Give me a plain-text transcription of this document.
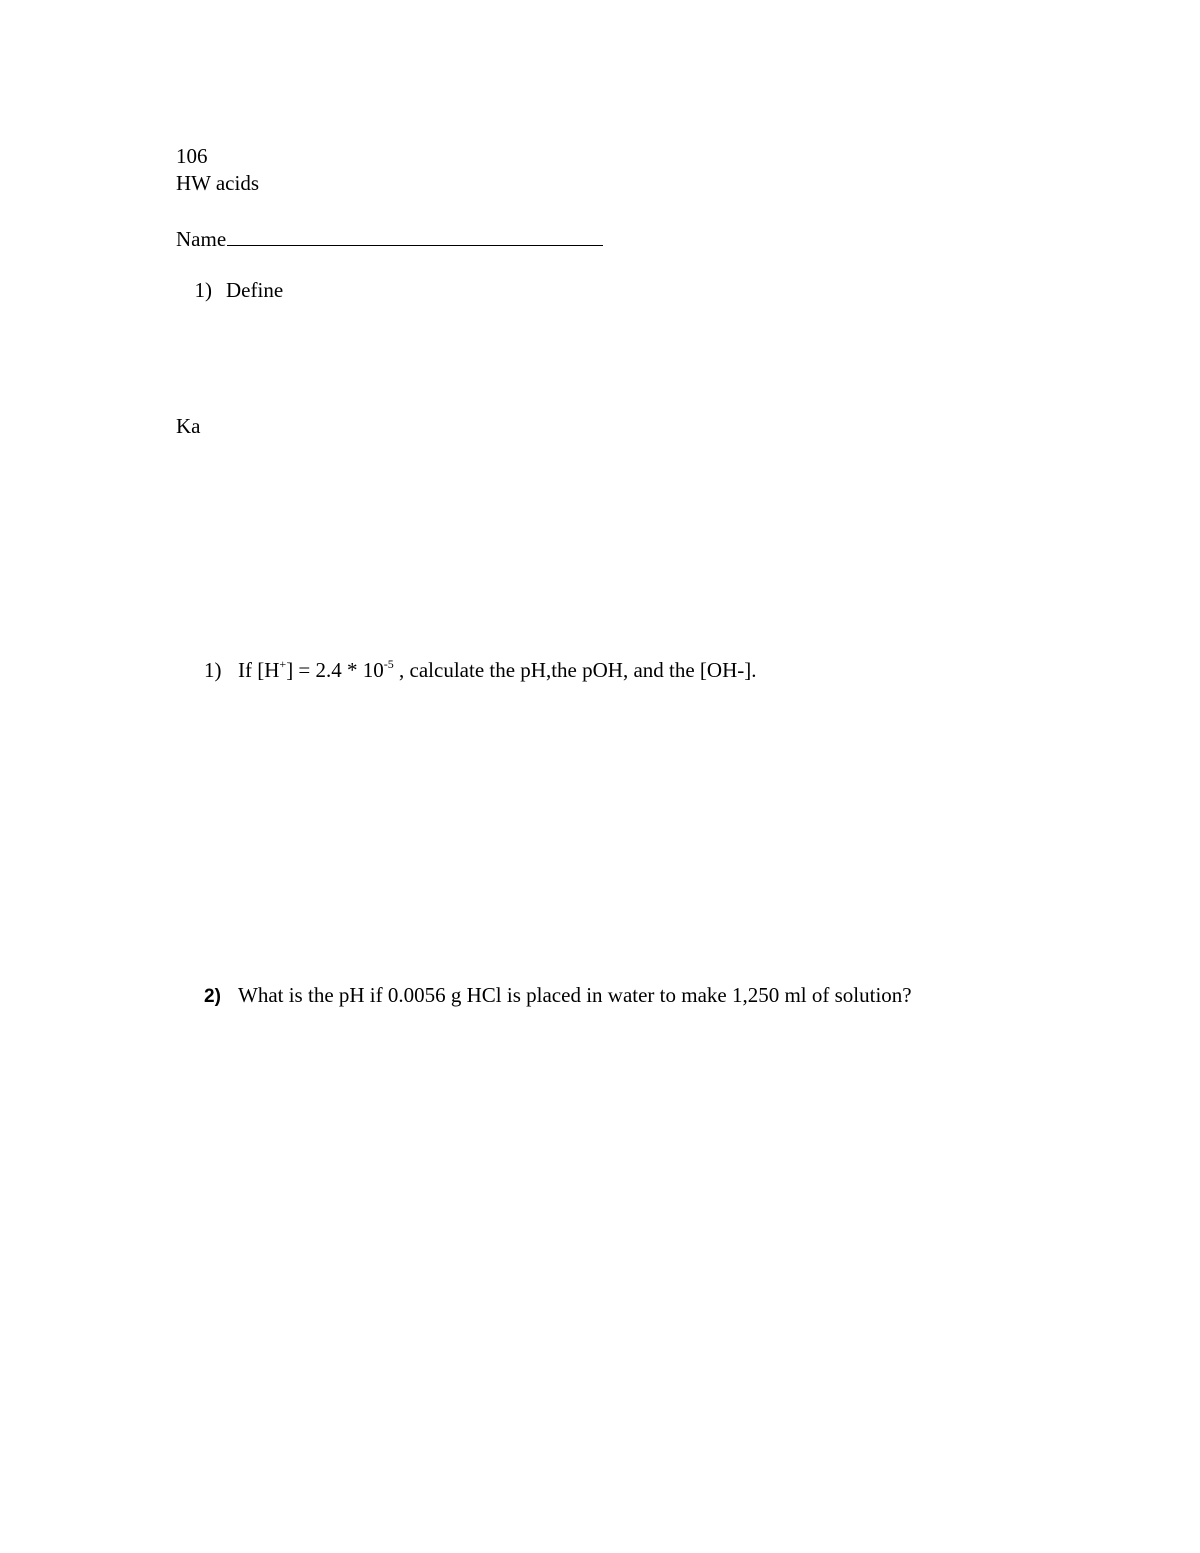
106
HW acids
Name
1) Define
Ka
1) If $[H^+] = 2.4 * 10^{-5}$ , calculate the pH,the pOH, and the [OH-].
2) What is the pH if 0.0056 g HCl is placed in water to make 1,250 ml of solution?
